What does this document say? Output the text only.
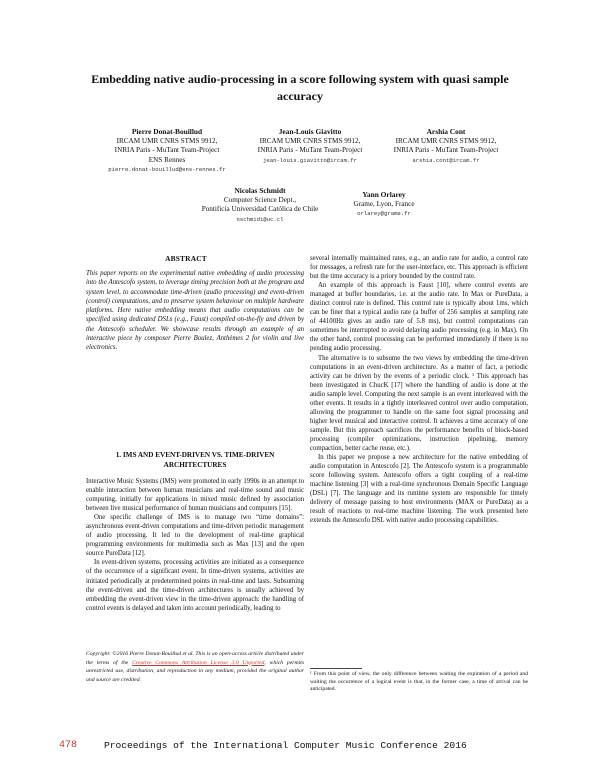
Embedding native audio-processing in a score following system with quasi sample accuracy
Pierre Donat-Bouillud
IRCAM UMR CNRS STMS 9912,
INRIA Paris - MuTant Team-Project
ENS Rennes
pierre.donat-bouillud@ens-rennes.fr
Jean-Louis Giavitto
IRCAM UMR CNRS STMS 9912,
INRIA Paris - MuTant Team-Project
jean-louis.giavitto@ircam.fr
Arshia Cont
IRCAM UMR CNRS STMS 9912,
INRIA Paris - MuTant Team-Project
arshia.cont@ircam.fr
Nicolas Schmidt
Computer Science Dept.,
Pontificia Universidad Católica de Chile
nschmid1@uc.cl
Yann Orlarey
Grame, Lyon, France
orlarey@grame.fr
ABSTRACT
This paper reports on the experimental native embedding of audio processing into the Antescofo system, to leverage timing precision both at the program and system level, to accommodate time-driven (audio processing) and event-driven (control) computations, and to preserve system behaviour on multiple hardware platforms. Here native embedding means that audio computations can be specified using dedicated DSLs (e.g., Faust) compiled on-the-fly and driven by the Antescofo scheduler. We showcase results through an example of an interactive piece by composer Pierre Boulez, Anthèmes 2 for violin and live electronics.
1. IMS AND EVENT-DRIVEN VS. TIME-DRIVEN ARCHITECTURES

Interactive Music Systems (IMS) were promoted in early 1990s in an attempt to enable interaction between human musicians and real-time sound and music computing, initially for applications in mixed music defined by association between live musical performance of human musicians and computers [15].

One specific challenge of IMS is to manage two “time domains”: asynchronous event-driven computations and time-driven periodic management of audio processing. It led to the development of real-time graphical programming environments for multimedia such as Max [13] and the open source PureData [12].

In event-driven systems, processing activities are initiated as a consequence of the occurrence of a significant event. In time-driven systems, activities are initiated periodically at predetermined points in real-time and lasts. Subsuming the event-driven and the time-driven architectures is usually achieved by embedding the event-driven view in the time-driven approach: the handling of control events is delayed and taken into account periodically, leading to

Copyright: ©2016 Pierre Donat-Bouillud et al. This is an open-access article distributed under the terms of the Creative Commons Attribution License 3.0 Unported, which permits unrestricted use, distribution, and reproduction in any medium, provided the original author and source are credited.

several internally maintained rates, e.g., an audio rate for audio, a control rate for messages, a refresh rate for the user-interface, etc. This approach is efficient but the time accuracy is a priory bounded by the control rate.

An example of this approach is Faust [10], where control events are managed at buffer boundaries, i.e. at the audio rate. In Max or PureData, a distinct control rate is defined. This control rate is typically about 1ms, which can be finer that a typical audio rate (a buffer of 256 samples at sampling rate of 44100Hz gives an audio rate of 5.8 ms), but control computations can sometimes be interrupted to avoid delaying audio processing (e.g. in Max). On the other hand, control processing can be performed immediately if there is no pending audio processing.

The alternative is to subsume the two views by embedding the time-driven computations in an event-driven architecture. As a matter of fact, a periodic activity can be driven by the events of a periodic clock. ¹ This approach has been investigated in ChucK [17] where the handling of audio is done at the audio sample level. Computing the next sample is an event interleaved with the other events. It results in a tightly interleaved control over audio computation, allowing the programmer to handle on the same foot signal processing and higher level musical and interactive control. It achieves a time accuracy of one sample. But this approach sacrifices the performance benefits of block-based processing (compiler optimizations, instruction pipelining, memory compaction, better cache reuse, etc.).

In this paper we propose a new architecture for the native embedding of audio computation in Antescofo [2]. The Antescofo system is a programmable score following system. Antescofo offers a tight coupling of a real-time machine listening [3] with a real-time synchronous Domain Specific Language (DSL) [7]. The language and its runtime system are responsible for timely delivery of message passing to host environments (MAX or PureData) as a result of reactions to real-time machine listening. The work presented here extends the Antescofo DSL with native audio processing capabilities.

¹ From this point of view, the only difference between waiting the expiration of a period and waiting the occurrence of a logical event is that, in the former case, a time of arrival can be anticipated.
478	Proceedings of the International Computer Music Conference 2016
